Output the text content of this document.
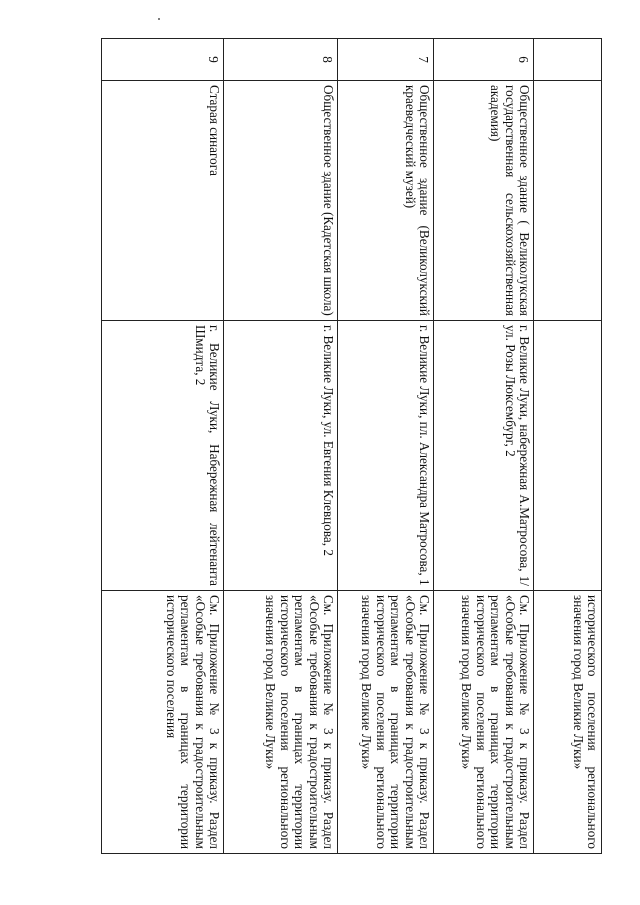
			исторического поселения регионального значения город Великие Луки»
6	Общественное здание ( Великолукская государственная сельскохозяйственная академия)	г. Великие Луки, набережная А.Матросова, 1/ ул. Розы Люксембург, 2	См. Приложение № 3 к приказу. Раздел «Особые требования к градостроительным регламентам в границах территории исторического поселения регионального значения город Великие Луки»
7	Общественное здание (Великолукский краеведческий музей)	г. Великие Луки, пл. Александра Матросова, 1	См. Приложение № 3 к приказу. Раздел «Особые требования к градостроительным регламентам в границах территории исторического поселения регионального значения город Великие Луки»
8	Общественное здание (Кадетская школа)	г. Великие Луки, ул. Евгения Клевцова, 2	См. Приложение № 3 к приказу. Раздел «Особые требования к градостроительным регламентам в границах территории исторического поселения регионального значения город Великие Луки»
9	Старая синагога	г. Великие Луки, Набережная лейтенанта Шмидта, 2	См. Приложение № 3 к приказу. Раздел «Особые требования к градостроительным регламентам в границах территории исторического поселения
